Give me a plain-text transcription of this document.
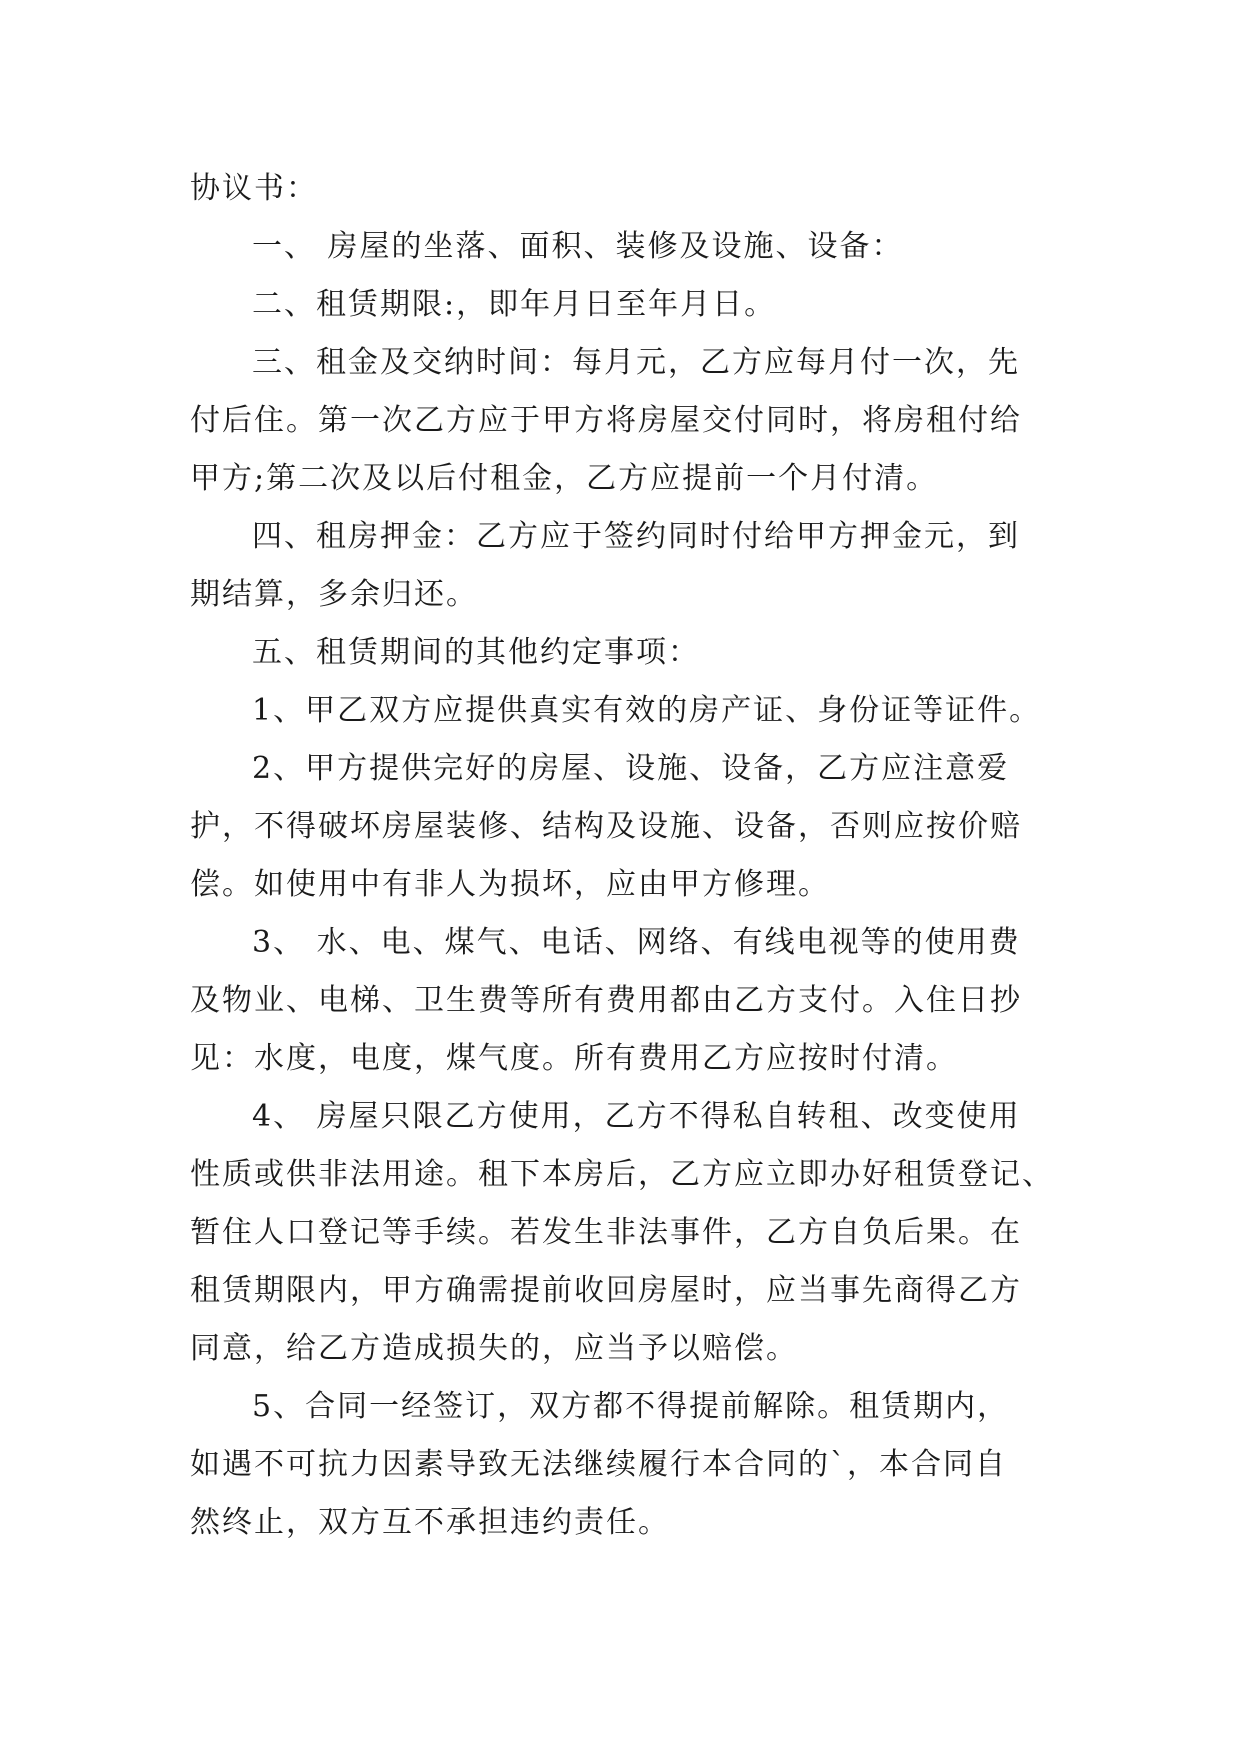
协议书：
一、 房屋的坐落、面积、装修及设施、设备：
二、租赁期限:，即年月日至年月日。
三、租金及交纳时间：每月元，乙方应每月付一次，先
付后住。第一次乙方应于甲方将房屋交付同时，将房租付给
甲方;第二次及以后付租金，乙方应提前一个月付清。
四、租房押金：乙方应于签约同时付给甲方押金元，到
期结算，多余归还。
五、租赁期间的其他约定事项：
1、甲乙双方应提供真实有效的房产证、身份证等证件。
2、甲方提供完好的房屋、设施、设备，乙方应注意爱
护，不得破坏房屋装修、结构及设施、设备，否则应按价赔
偿。如使用中有非人为损坏，应由甲方修理。
3、 水、电、煤气、电话、网络、有线电视等的使用费
及物业、电梯、卫生费等所有费用都由乙方支付。入住日抄
见：水度，电度，煤气度。所有费用乙方应按时付清。
4、 房屋只限乙方使用，乙方不得私自转租、改变使用
性质或供非法用途。租下本房后，乙方应立即办好租赁登记、
暂住人口登记等手续。若发生非法事件，乙方自负后果。在
租赁期限内，甲方确需提前收回房屋时，应当事先商得乙方
同意，给乙方造成损失的，应当予以赔偿。
5、合同一经签订，双方都不得提前解除。租赁期内，
如遇不可抗力因素导致无法继续履行本合同的`，本合同自
然终止，双方互不承担违约责任。
